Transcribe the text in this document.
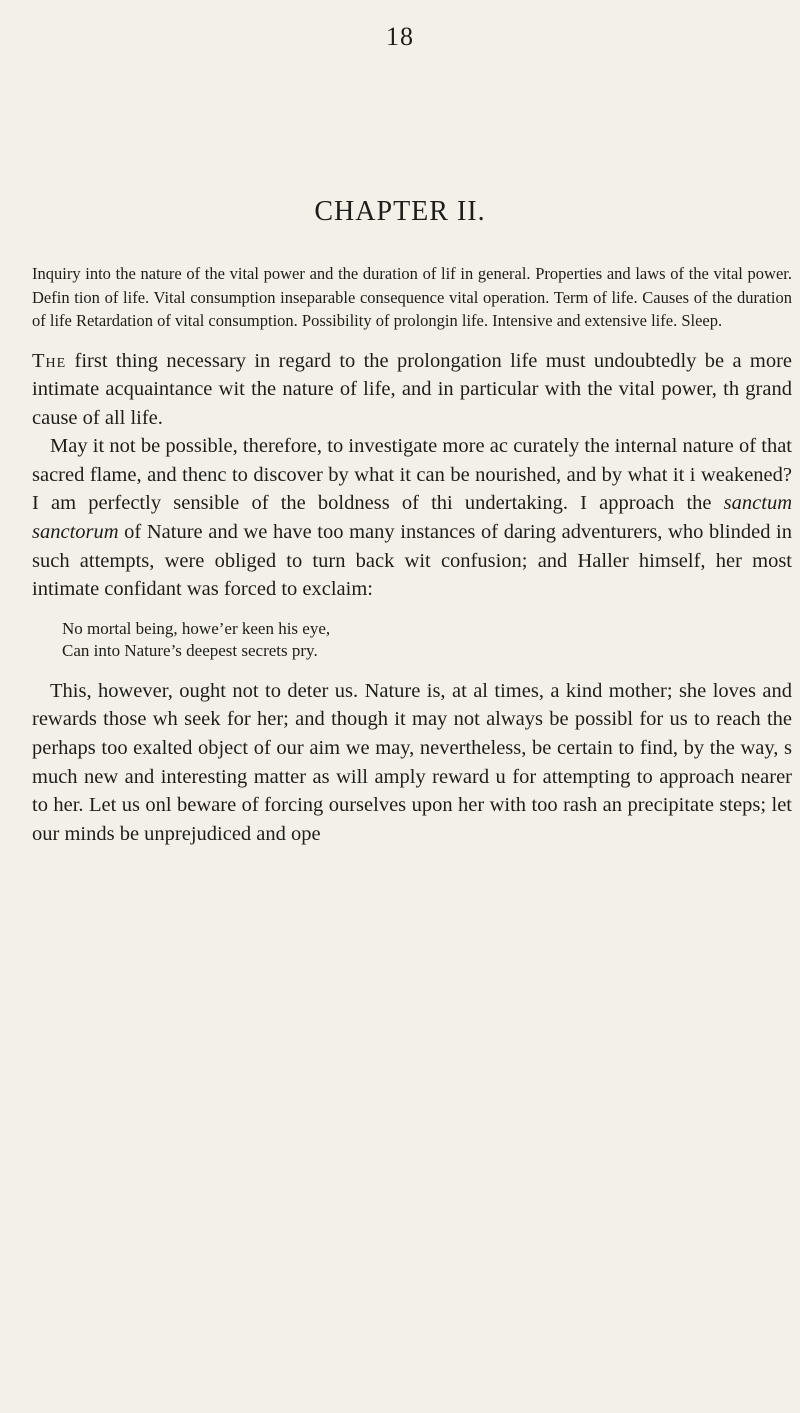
18
CHAPTER II.

Inquiry into the nature of the vital power and the duration of lif in general. Properties and laws of the vital power. Defin tion of life. Vital consumption inseparable consequence vital operation. Term of life. Causes of the duration of life Retardation of vital consumption. Possibility of prolongin life. Intensive and extensive life. Sleep.

The first thing necessary in regard to the prolongation life must undoubtedly be a more intimate acquaintance wit the nature of life, and in particular with the vital power, th grand cause of all life.

May it not be possible, therefore, to investigate more ac curately the internal nature of that sacred flame, and thenc to discover by what it can be nourished, and by what it i weakened? I am perfectly sensible of the boldness of thi undertaking. I approach the sanctum sanctorum of Nature and we have too many instances of daring adventurers, who blinded in such attempts, were obliged to turn back wit confusion; and Haller himself, her most intimate confidant was forced to exclaim:

No mortal being, howe’er keen his eye,
Can into Nature’s deepest secrets pry.

This, however, ought not to deter us. Nature is, at al times, a kind mother; she loves and rewards those wh seek for her; and though it may not always be possibl for us to reach the perhaps too exalted object of our aim we may, nevertheless, be certain to find, by the way, s much new and interesting matter as will amply reward u for attempting to approach nearer to her. Let us onl beware of forcing ourselves upon her with too rash an precipitate steps; let our minds be unprejudiced and ope
